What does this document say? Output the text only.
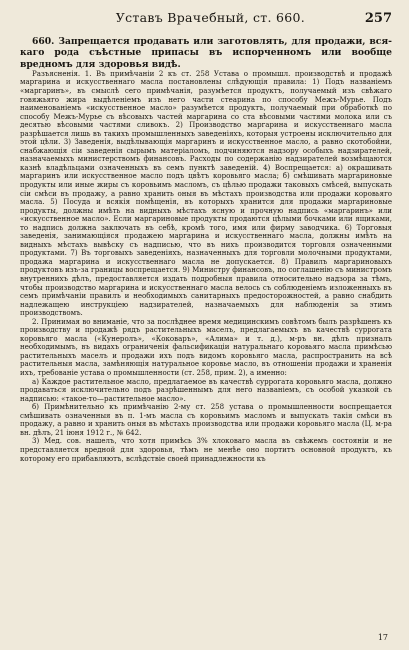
Уставъ Врачебный, ст. 660.	257

660. Запрещается продавать или заготовлять, для продажи, вся-каго рода съѣстные припасы въ испорченномъ или вообще вредномъ для здоровья видѣ.

Разъясненія. 1. Въ примѣчаніи 2 къ ст. 258 Устава о промышл. производствѣ и продажѣ маргарина и искусственнаго масла постановлены слѣдующія правила: 1) Подъ названіемъ «маргаринъ», въ смыслѣ сего примѣчанія, разумѣется продуктъ, получаемый изъ свѣжаго говяжьяго жира выдѣленіемъ изъ него части стеарина по способу Межъ-Мурье. Подъ наименованіемъ «искусственное масло» разумѣется продуктъ, получаемый при обработкѣ по способу Межъ-Мурье съ вѣсовыхъ частей маргарина со ста вѣсовыми частями молока или съ десятью вѣсовыми частями сливокъ. 2) Производство маргарина и искусственнаго масла разрѣшается лишь въ такихъ промышленныхъ заведеніяхъ, которыя устроены исключительно для этой цѣли. 3) Заведенія, выдѣлывающія маргаринъ и искусственное масло, а равно скотобойни, снабжающія сіи заведенія сырымъ матеріаломъ, подчиняются надзору особыхъ надзирателей, назначаемыхъ министерствомъ финансовъ. Расходы по содержанію надзирателей возмѣщаются казнѣ владѣльцами означенныхъ въ семъ пунктѣ заведеній. 4) Воспрещается: а) окрашивать маргаринъ или искусственное масло подъ цвѣтъ коровьяго масла; б) смѣшивать маргариновые продукты или иные жиры съ коровьимъ масломъ, съ цѣлью продажи таковыхъ смѣсей, выпускать сіи смѣси въ продажу, а равно хранить оныя въ мѣстахъ производства или продажи коровьяго масла. 5) Посуда и всякія помѣщенія, въ которыхъ хранится для продажи маргариновые продукты, должны имѣть на видныхъ мѣстахъ ясную и прочную надпись «маргаринъ» или «искусственное масло». Если маргариновые продукты продаются цѣлыми бочками или ящиками, то надпись должна заключать въ себѣ, кромѣ того, имя или фирму заводчика. 6) Торговыя заведенія, занимающіяся продажею маргарина и искусственнаго масла, должны имѣть на видныхъ мѣстахъ вывѣску съ надписью, что въ нихъ производится торговля означенными продуктами. 7) Въ торговыхъ заведеніяхъ, назначенныхъ для торговли молочными продуктами, продажа маргарина и искусственнаго масла не допускается. 8) Правилъ маргариновыхъ продуктовъ изъ-за границы воспрещается. 9) Министру финансовъ, по соглашенію съ министромъ внутреннихъ дѣлъ, предоставляется издать подробныя правила относительно надзора за тѣмъ, чтобы производство маргарина и искусственнаго масла велось съ соблюденіемъ изложенныхъ въ семъ примѣчаніи правилъ и необходимыхъ санитарныхъ предосторожностей, а равно снабдить надлежащею инструкціею надзирателей, назначаемыхъ для наблюденія за этимъ производствомъ.

2. Принимая во вниманіе, что за послѣднее время медицинскимъ совѣтомъ былъ разрѣшенъ къ производству и продажѣ рядъ растительныхъ маселъ, предлагаемыхъ въ качествѣ суррогата коровьяго масла («Кунеролъ», «Коковаръ», «Алима» и т. д.), м-ръ вн. дѣлъ призналъ необходимымъ, въ видахъ ограниченія фальсификаціи натуральнаго коровьяго масла примѣсью растительныхъ маселъ и продажи ихъ подъ видомъ коровьяго масла, распространить на всѣ растительныя масла, замѣняющія натуральное коровье масло, въ отношеніи продажи и храненія ихъ, требованіе устава о промышленности (ст. 258, прим. 2), а именно:

а) Каждое растительное масло, предлагаемое въ качествѣ суррогата коровьяго масла, должно продаваться исключительно подъ разрѣшеннымъ для него названіемъ, съ особой указкой съ надписью: «такое-то—растительное масло».

б) Примѣнительно къ примѣчанію 2-му ст. 258 устава о промышленности воспрещается смѣшивать означенныя въ п. 1-мъ масла съ коровьимъ масломъ и выпускать такія смѣси въ продажу, а равно и хранить оныя въ мѣстахъ производства или продажи коровьяго масла (Ц. м-ра вн. дѣлъ, 21 іюня 1912 г., № 642.

3) Мед. сов. нашелъ, что хотя примѣсь 3% хлоковаго масла въ свѣжемъ состояніи и не представляется вредной для здоровья, тѣмъ не менѣе оно портитъ основной продуктъ, къ которому его прибавляютъ, вслѣдствіе своей принадлежности къ

17
